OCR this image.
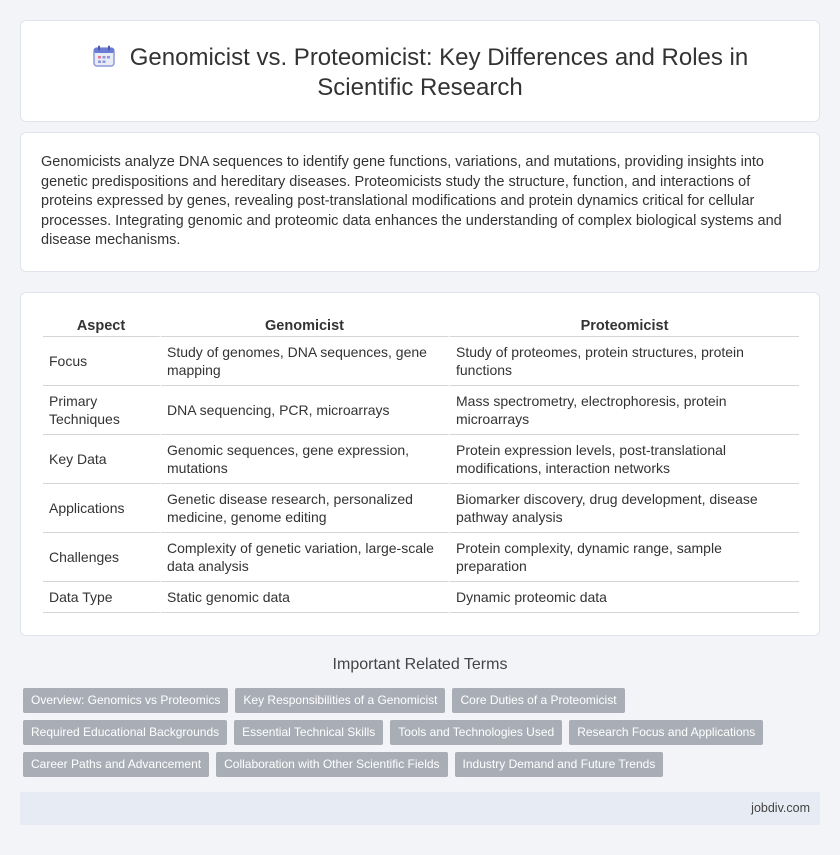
Genomicist vs. Proteomicist: Key Differences and Roles in
Scientific Research

Genomicists analyze DNA sequences to identify gene functions, variations, and mutations, providing insights into genetic predispositions and hereditary diseases. Proteomicists study the structure, function, and interactions of proteins expressed by genes, revealing post-translational modifications and protein dynamics critical for cellular processes. Integrating genomic and proteomic data enhances the understanding of complex biological systems and disease mechanisms.

Aspect	Genomicist	Proteomicist
Focus	Study of genomes, DNA sequences, gene mapping	Study of proteomes, protein structures, protein functions
Primary Techniques	DNA sequencing, PCR, microarrays	Mass spectrometry, electrophoresis, protein microarrays
Key Data	Genomic sequences, gene expression, mutations	Protein expression levels, post-translational modifications, interaction networks
Applications	Genetic disease research, personalized medicine, genome editing	Biomarker discovery, drug development, disease pathway analysis
Challenges	Complexity of genetic variation, large-scale data analysis	Protein complexity, dynamic range, sample preparation
Data Type	Static genomic data	Dynamic proteomic data
Important Related Terms
Overview: Genomics vs Proteomics	Key Responsibilities of a Genomicist	Core Duties of a Proteomicist
Required Educational Backgrounds	Essential Technical Skills	Tools and Technologies Used	Research Focus and Applications
Career Paths and Advancement	Collaboration with Other Scientific Fields	Industry Demand and Future Trends
jobdiv.com
